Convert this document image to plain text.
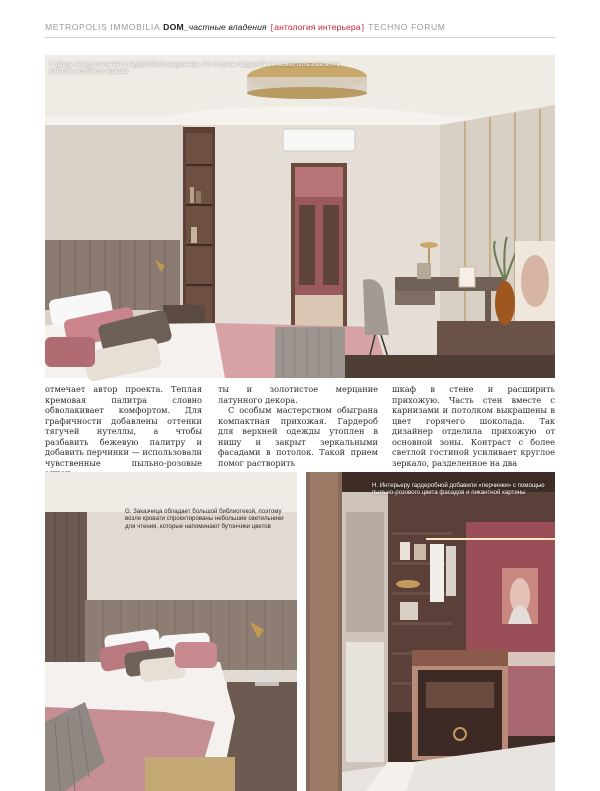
METROPOLIS IMMOBILIA DOM_частные владения [антология интерьера] TECHNO FORUM
F. Дверь между спальней и гардеробной раздвижная. Со стороны гардероба ей можно пользоваться в качестве ростового зеркала

отмечает автор проекта. Теплая кремовая палитра словно обволакивает комфортом. Для графичности добавлены оттенки тягучей нутеллы, а чтобы разбавить бежевую палитру и добавить перчинки — использовали чувственные пыльно-розовые

ты и золотистое мерцание латунного декора.

С особым мастерством обыграна компактная прихожая. Гардероб для верхней одежды утоплен в нишу и закрыт зеркальными фасадами в потолок. Такой прием помог растворить

шкаф в стене и расширить прихожую. Часть стен вместе с карнизами и потолком выкрашены в цвет горячего шоколада. Так дизайнер отделила прихожую от основной зоны. Контраст с более светлой гостиной усиливает круглое зеркало, разделенное на два

G. Заказчица обладает большой библиотекой, поэтому возле кровати спроектированы небольшие светильники для чтения, которые напоминают бутончики цветов
H. Интерьеру гардеробной добавили «перчинки» с помощью пыльно-розового цвета фасадов и пикантной картины
